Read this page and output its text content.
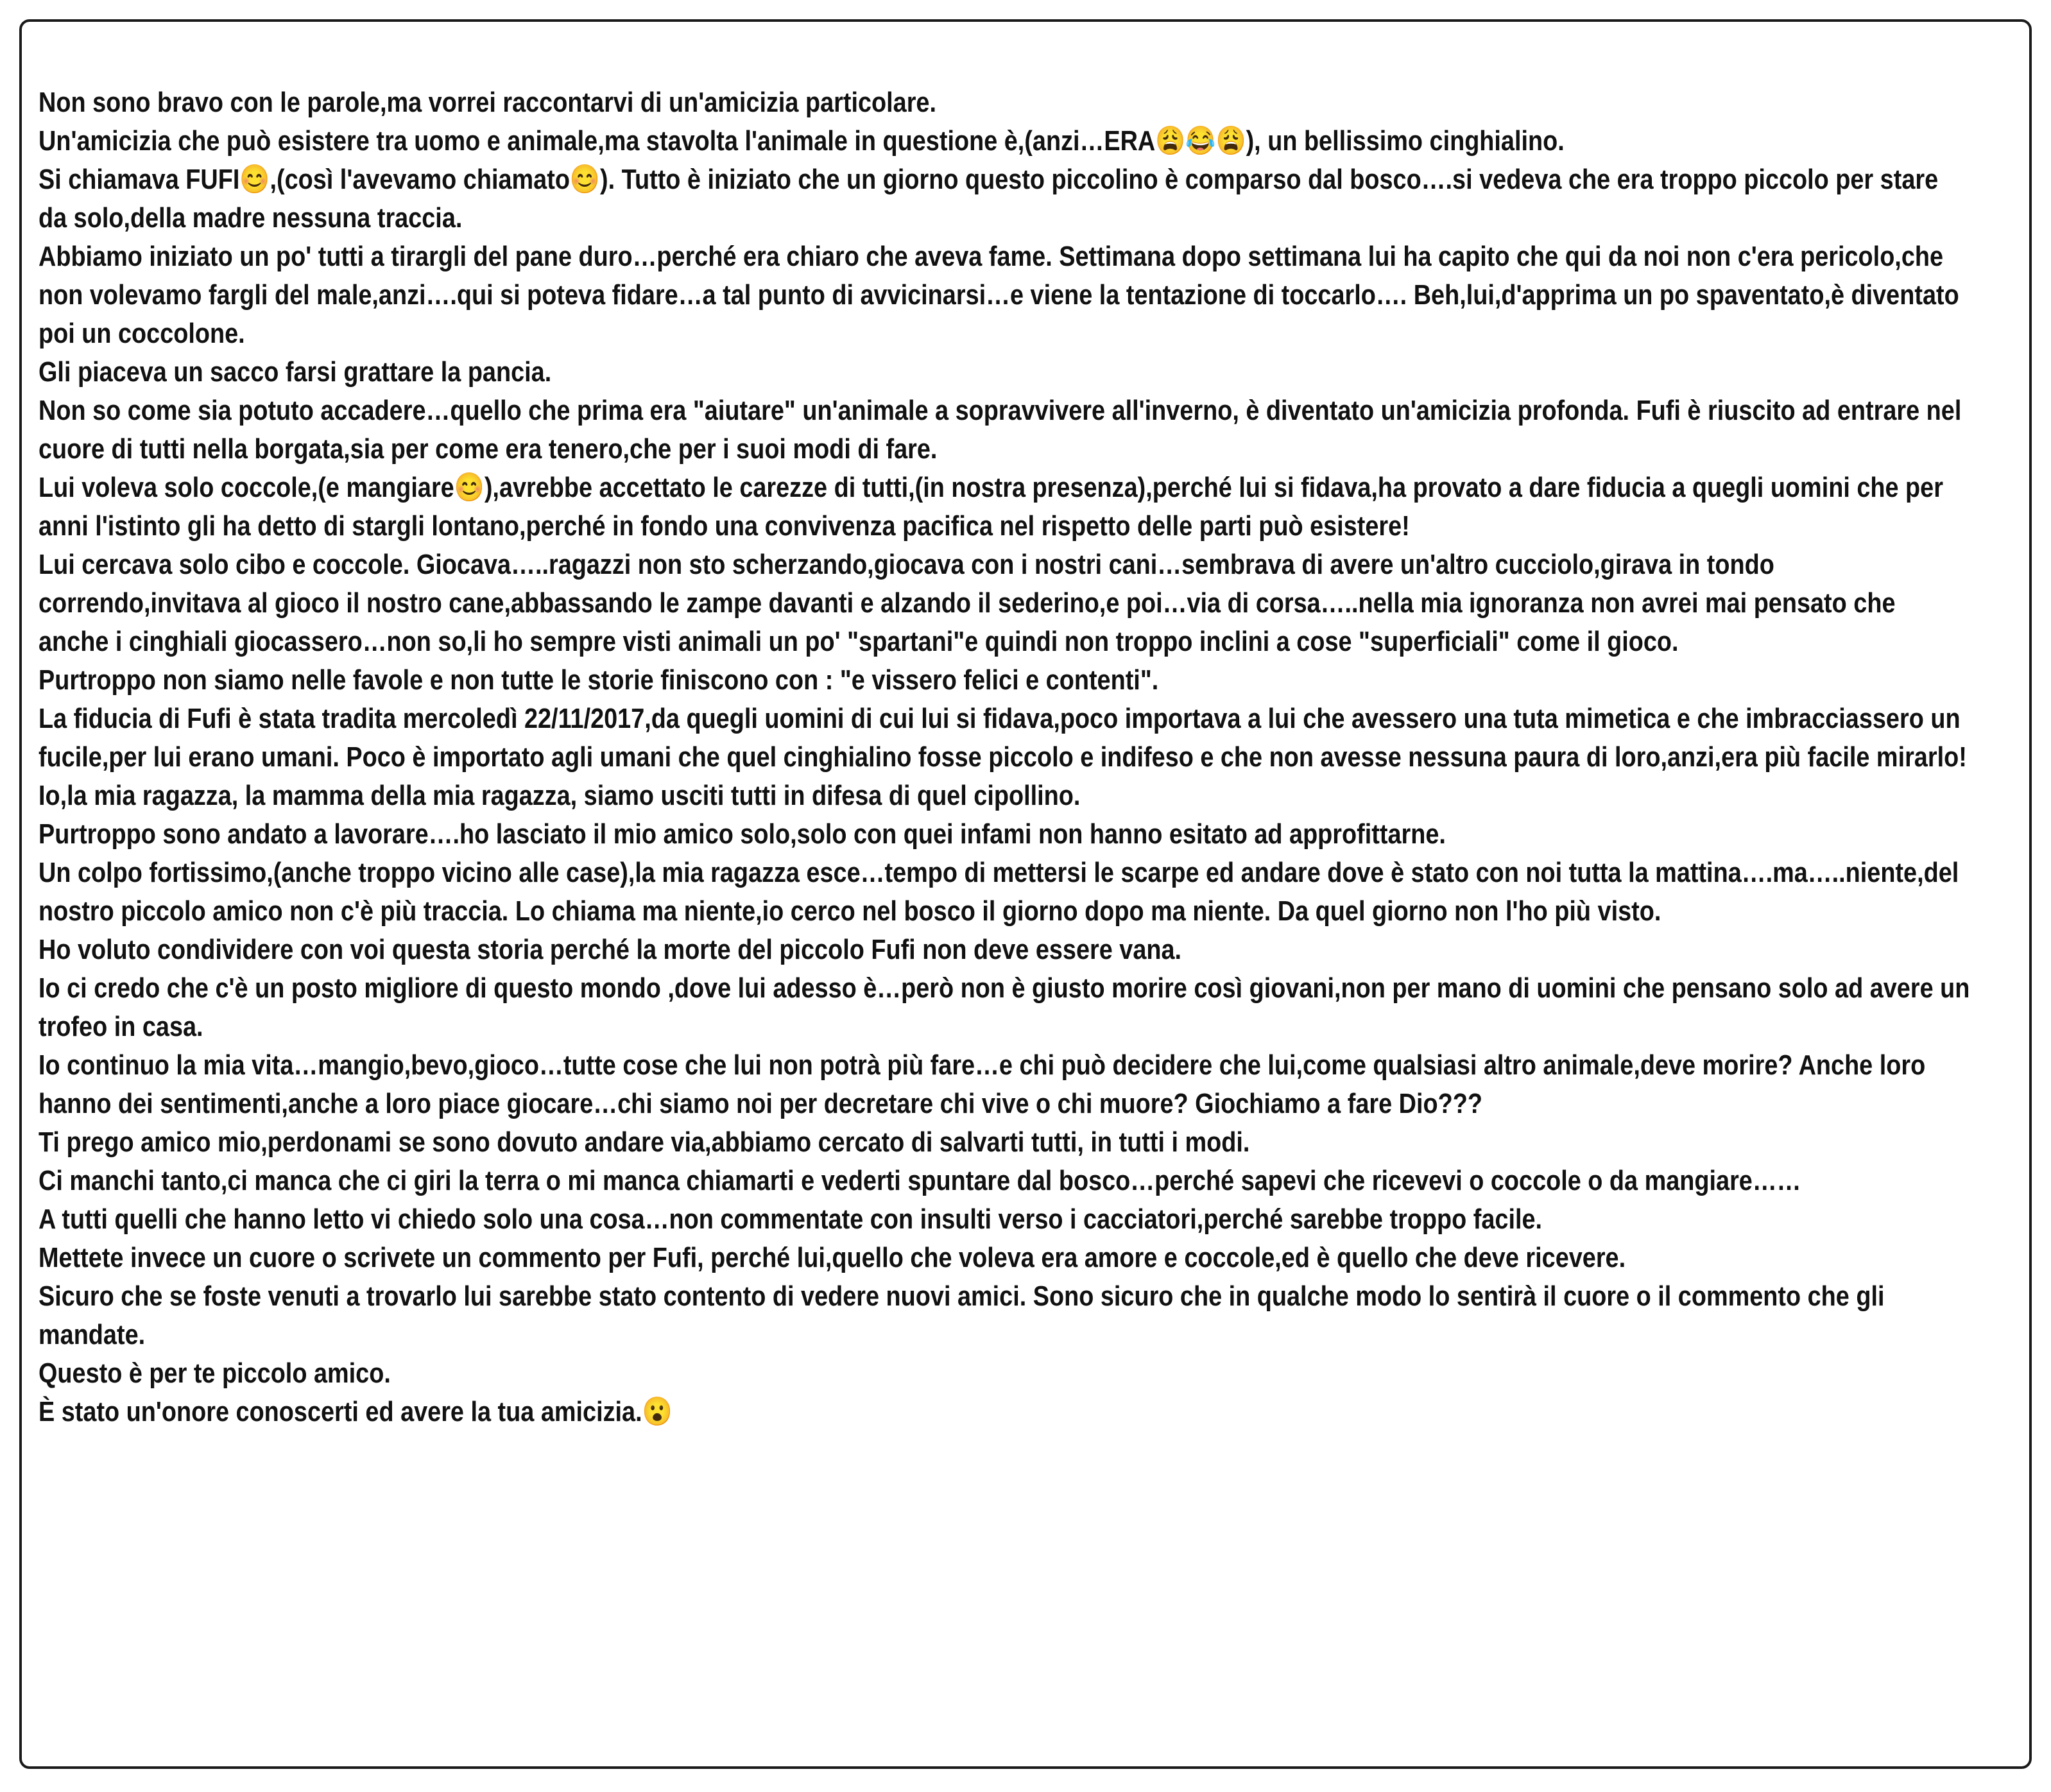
Non sono bravo con le parole,ma vorrei raccontarvi di un'amicizia particolare.

Un'amicizia che può esistere tra uomo e animale,ma stavolta l'animale in questione è,(anzi…ERA😩😂😩), un bellissimo cinghialino.

Si chiamava FUFI😊,(così l'avevamo chiamato😊). Tutto è iniziato che un giorno questo piccolino è comparso dal bosco….si vedeva che era troppo piccolo per stare da solo,della madre nessuna traccia.

Abbiamo iniziato un po' tutti a tirargli del pane duro…perché era chiaro che aveva fame. Settimana dopo settimana lui ha capito che qui da noi non c'era pericolo,che non volevamo fargli del male,anzi….qui si poteva fidare…a tal punto di avvicinarsi…e viene la tentazione di toccarlo…. Beh,lui,d'apprima un po spaventato,è diventato poi un coccolone.

Gli piaceva un sacco farsi grattare la pancia.

Non so come sia potuto accadere…quello che prima era "aiutare" un'animale a sopravvivere all'inverno, è diventato un'amicizia profonda. Fufi è riuscito ad entrare nel cuore di tutti nella borgata,sia per come era tenero,che per i suoi modi di fare.

Lui voleva solo coccole,(e mangiare😊),avrebbe accettato le carezze di tutti,(in nostra presenza),perché lui si fidava,ha provato a dare fiducia a quegli uomini che per anni l'istinto gli ha detto di stargli lontano,perché in fondo una convivenza pacifica nel rispetto delle parti può esistere!

Lui cercava solo cibo e coccole. Giocava…..ragazzi non sto scherzando,giocava con i nostri cani…sembrava di avere un'altro cucciolo,girava in tondo correndo,invitava al gioco il nostro cane,abbassando le zampe davanti e alzando il sederino,e poi…via di corsa…..nella mia ignoranza non avrei mai pensato che anche i cinghiali giocassero…non so,li ho sempre visti animali un po' "spartani"e quindi non troppo inclini a cose "superficiali" come il gioco.

Purtroppo non siamo nelle favole e non tutte le storie finiscono con : "e vissero felici e contenti".

La fiducia di Fufi è stata tradita mercoledì 22/11/2017,da quegli uomini di cui lui si fidava,poco importava a lui che avessero una tuta mimetica e che imbracciassero un fucile,per lui erano umani. Poco è importato agli umani che quel cinghialino fosse piccolo e indifeso e che non avesse nessuna paura di loro,anzi,era più facile mirarlo!

Io,la mia ragazza, la mamma della mia ragazza, siamo usciti tutti in difesa di quel cipollino.

Purtroppo sono andato a lavorare….ho lasciato il mio amico solo,solo con quei infami non hanno esitato ad approfittarne.

Un colpo fortissimo,(anche troppo vicino alle case),la mia ragazza esce…tempo di mettersi le scarpe ed andare dove è stato con noi tutta la mattina….ma…..niente,del nostro piccolo amico non c'è più traccia. Lo chiama ma niente,io cerco nel bosco il giorno dopo ma niente. Da quel giorno non l'ho più visto.

Ho voluto condividere con voi questa storia perché la morte del piccolo Fufi non deve essere vana.

Io ci credo che c'è un posto migliore di questo mondo ,dove lui adesso è…però non è giusto morire così giovani,non per mano di uomini che pensano solo ad avere un trofeo in casa.

Io continuo la mia vita…mangio,bevo,gioco…tutte cose che lui non potrà più fare…e chi può decidere che lui,come qualsiasi altro animale,deve morire? Anche loro hanno dei sentimenti,anche a loro piace giocare…chi siamo noi per decretare chi vive o chi muore? Giochiamo a fare Dio???

Ti prego amico mio,perdonami se sono dovuto andare via,abbiamo cercato di salvarti tutti, in tutti i modi.

Ci manchi tanto,ci manca che ci giri la terra o mi manca chiamarti e vederti spuntare dal bosco…perché sapevi che ricevevi o coccole o da mangiare……

A tutti quelli che hanno letto vi chiedo solo una cosa…non commentate con insulti verso i cacciatori,perché sarebbe troppo facile.

Mettete invece un cuore o scrivete un commento per Fufi, perché lui,quello che voleva era amore e coccole,ed è quello che deve ricevere.

Sicuro che se foste venuti a trovarlo lui sarebbe stato contento di vedere nuovi amici. Sono sicuro che in qualche modo lo sentirà il cuore o il commento che gli mandate.

Questo è per te piccolo amico.

È stato un'onore conoscerti ed avere la tua amicizia.😮
